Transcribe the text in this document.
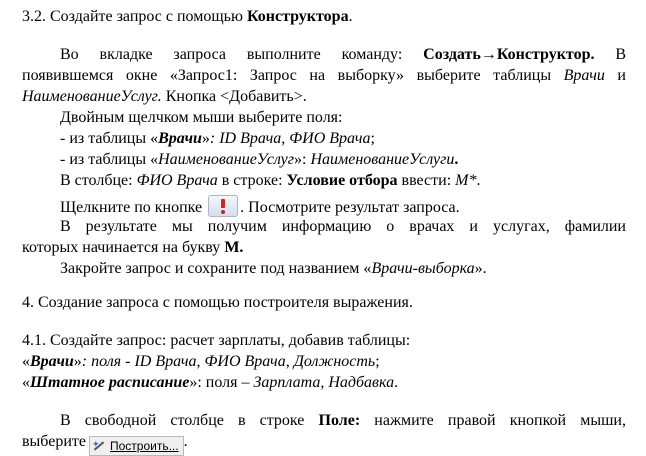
3.2. Создайте запрос с помощью Конструктора.
Во вкладке запроса выполните команду: Создать→Конструктор. В
появившемся окне «Запрос1: Запрос на выборку» выберите таблицы Врачи и
НаименованиеУслуг. Кнопка <Добавить>.
Двойным щелчком мыши выберите поля:
- из таблицы «Врачи»: ID Врача, ФИО Врача;
- из таблицы «НаименованиеУслуг»: НаименованиеУслуги.
В столбце: ФИО Врача в строке: Условие отбора ввести: М*.
Щелкните по кнопке . Посмотрите результат запроса.
В результате мы получим информацию о врачах и услугах, фамилии
которых начинается на букву М.
Закройте запрос и сохраните под названием «Врачи-выборка».
4. Создание запроса с помощью построителя выражения.
4.1. Создайте запрос: расчет зарплаты, добавив таблицы:
«Врачи»: поля - ID Врача, ФИО Врача, Должность;
«Штатное расписание»: поля – Зарплата, Надбавка.
В свободной столбце в строке Поле: нажмите правой кнопкой мыши,
выберите✦ Построить... .
